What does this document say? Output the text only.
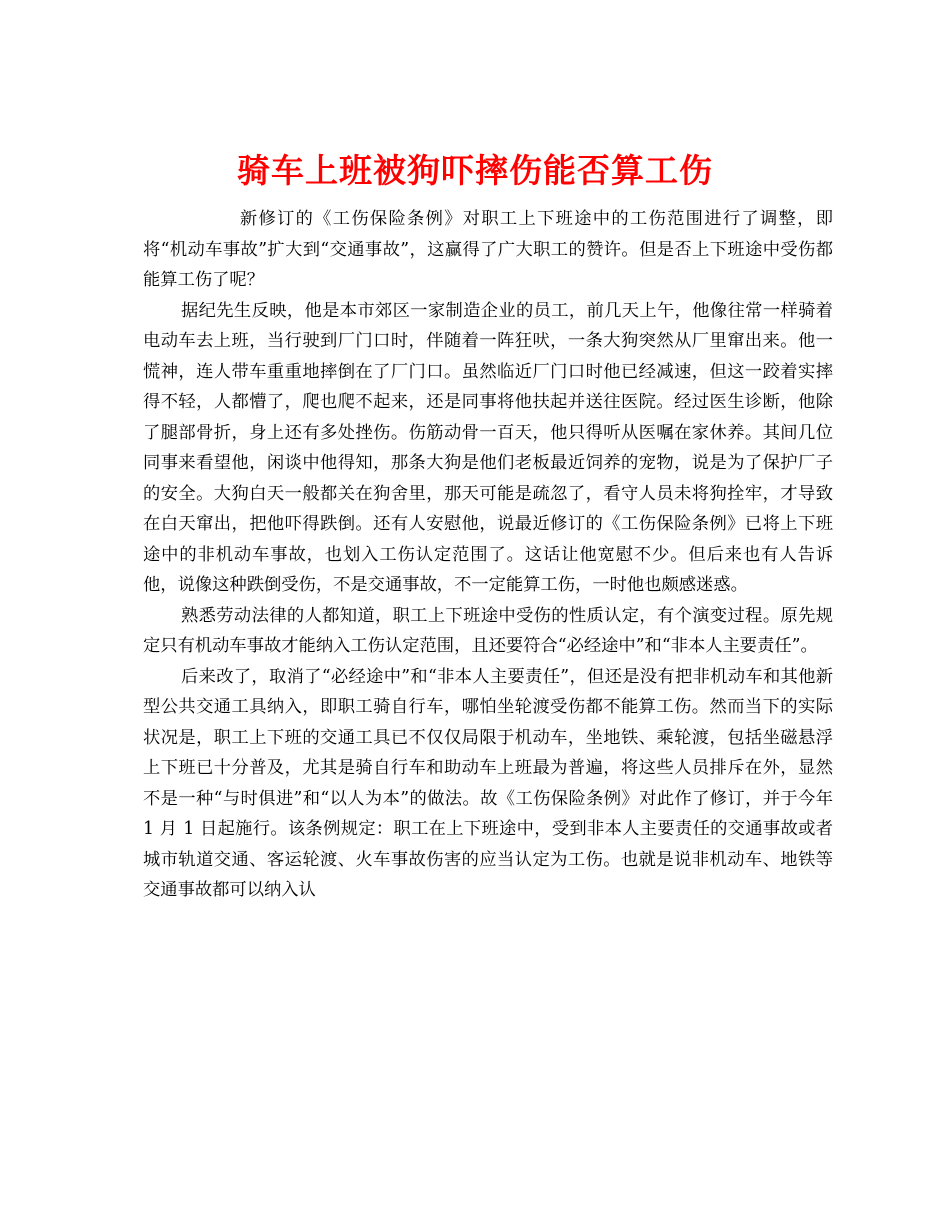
骑车上班被狗吓摔伤能否算工伤

新修订的《工伤保险条例》对职工上下班途中的工伤范围进行了调整，即将“机动车事故”扩大到“交通事故”，这赢得了广大职工的赞许。但是否上下班途中受伤都能算工伤了呢？

据纪先生反映，他是本市郊区一家制造企业的员工，前几天上午，他像往常一样骑着电动车去上班，当行驶到厂门口时，伴随着一阵狂吠，一条大狗突然从厂里窜出来。他一慌神，连人带车重重地摔倒在了厂门口。虽然临近厂门口时他已经减速，但这一跤着实摔得不轻，人都懵了，爬也爬不起来，还是同事将他扶起并送往医院。经过医生诊断，他除了腿部骨折，身上还有多处挫伤。伤筋动骨一百天，他只得听从医嘱在家休养。其间几位同事来看望他，闲谈中他得知，那条大狗是他们老板最近饲养的宠物，说是为了保护厂子的安全。大狗白天一般都关在狗舍里，那天可能是疏忽了，看守人员未将狗拴牢，才导致在白天窜出，把他吓得跌倒。还有人安慰他，说最近修订的《工伤保险条例》已将上下班途中的非机动车事故，也划入工伤认定范围了。这话让他宽慰不少。但后来也有人告诉他，说像这种跌倒受伤，不是交通事故，不一定能算工伤，一时他也颇感迷惑。

熟悉劳动法律的人都知道，职工上下班途中受伤的性质认定，有个演变过程。原先规定只有机动车事故才能纳入工伤认定范围，且还要符合“必经途中”和“非本人主要责任”。

后来改了，取消了“必经途中”和“非本人主要责任”，但还是没有把非机动车和其他新型公共交通工具纳入，即职工骑自行车，哪怕坐轮渡受伤都不能算工伤。然而当下的实际状况是，职工上下班的交通工具已不仅仅局限于机动车，坐地铁、乘轮渡，包括坐磁悬浮上下班已十分普及，尤其是骑自行车和助动车上班最为普遍，将这些人员排斥在外，显然不是一种“与时俱进”和“以人为本”的做法。故《工伤保险条例》对此作了修订，并于今年 1 月 1 日起施行。该条例规定：职工在上下班途中，受到非本人主要责任的交通事故或者城市轨道交通、客运轮渡、火车事故伤害的应当认定为工伤。也就是说非机动车、地铁等交通事故都可以纳入认
